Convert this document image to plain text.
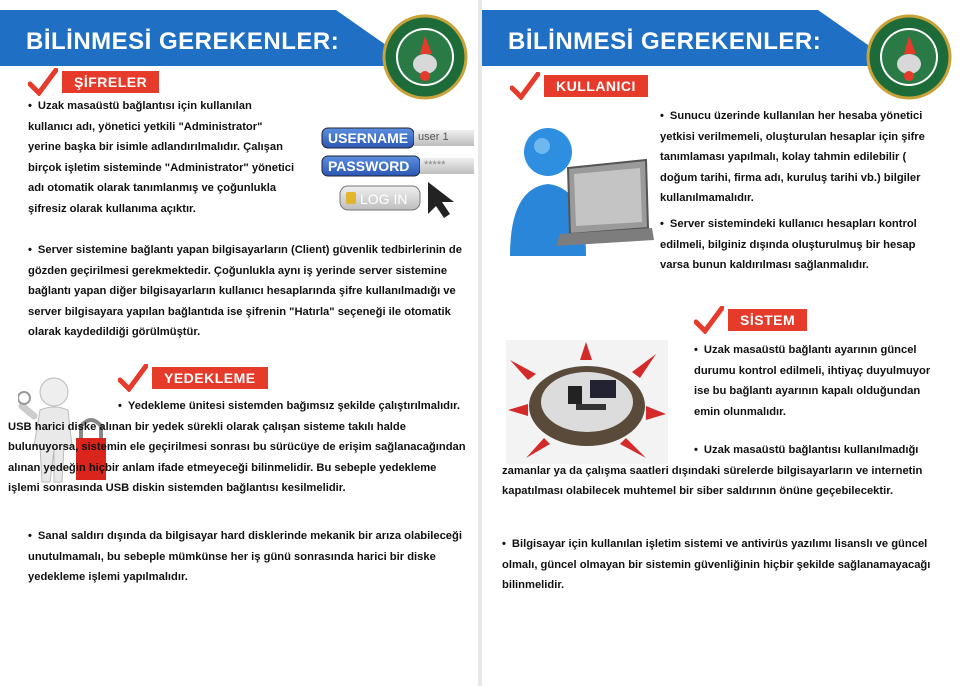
BİLİNMESİ GEREKENLER:
ŞİFRELER
• Uzak masaüstü bağlantısı için kullanılan kullanıcı adı, yönetici yetkili "Administrator" yerine başka bir isimle adlandırılmalıdır. Çalışan birçok işletim sisteminde "Administrator" yönetici adı otomatik olarak tanımlanmış ve çoğunlukla şifresiz olarak kullanıma açıktır.
USERNAME user 1
PASSWORD *****
LOG IN
• Server sistemine bağlantı yapan bilgisayarların (Client) güvenlik tedbirlerinin de gözden geçirilmesi gerekmektedir. Çoğunlukla aynı iş yerinde server sistemine bağlantı yapan diğer bilgisayarların kullanıcı hesaplarında şifre kullanılmadığı ve server bilgisayara yapılan bağlantıda ise şifrenin "Hatırla" seçeneği ile otomatik olarak kaydedildiği görülmüştür.
YEDEKLEME
• Yedekleme ünitesi sistemden bağımsız şekilde çalıştırılmalıdır. USB harici diske alınan bir yedek sürekli olarak çalışan sisteme takılı halde bulunuyorsa, sistemin ele geçirilmesi sonrası bu sürücüye de erişim sağlanacağından alınan yedeğin hiçbir anlam ifade etmeyeceği bilinmelidir. Bu sebeple yedekleme işlemi sonrasında USB diskin sistemden bağlantısı kesilmelidir.
• Sanal saldırı dışında da bilgisayar hard disklerinde mekanik bir arıza olabileceği unutulmamalı, bu sebeple mümkünse her iş günü sonrasında harici bir diske yedekleme işlemi yapılmalıdır.
BİLİNMESİ GEREKENLER:
KULLANICI
• Sunucu üzerinde kullanılan her hesaba yönetici yetkisi verilmemeli, oluşturulan hesaplar için şifre tanımlaması yapılmalı, kolay tahmin edilebilir ( doğum tarihi, firma adı, kuruluş tarihi vb.) bilgiler kullanılmamalıdır.
• Server sistemindeki kullanıcı hesapları kontrol edilmeli, bilginiz dışında oluşturulmuş bir hesap varsa bunun kaldırılması sağlanmalıdır.
SİSTEM
• Uzak masaüstü bağlantı ayarının güncel durumu kontrol edilmeli, ihtiyaç duyulmuyor ise bu bağlantı ayarının kapalı olduğundan emin olunmalıdır.
• Uzak masaüstü bağlantısı kullanılmadığı zamanlar ya da çalışma saatleri dışındaki sürelerde bilgisayarların ve internetin kapatılması olabilecek muhtemel bir siber saldırının önüne geçebilecektir.
• Bilgisayar için kullanılan işletim sistemi ve antivirüs yazılımı lisanslı ve güncel olmalı, güncel olmayan bir sistemin güvenliğinin hiçbir şekilde sağlanamayacağı bilinmelidir.
